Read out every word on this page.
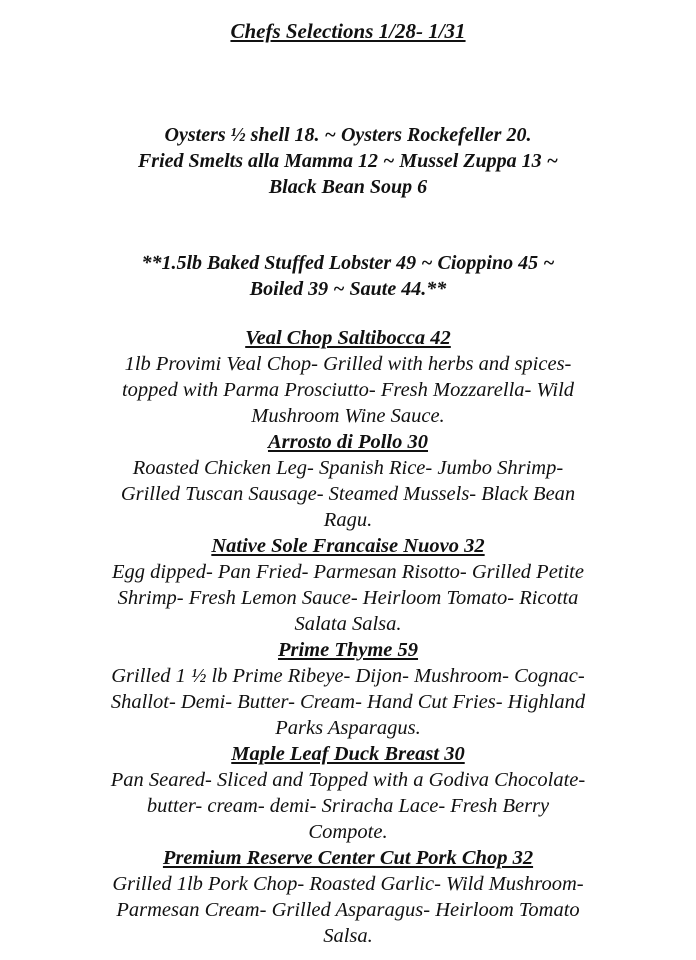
Chefs Selections 1/28- 1/31
Oysters ½ shell 18. ~ Oysters Rockefeller 20.
Fried Smelts alla Mamma 12 ~ Mussel Zuppa 13 ~
Black Bean Soup 6
**1.5lb Baked Stuffed Lobster 49 ~ Cioppino 45 ~
Boiled 39 ~ Saute 44.**
Veal Chop Saltibocca 42
1lb Provimi Veal Chop- Grilled with herbs and spices-
topped with Parma Prosciutto- Fresh Mozzarella- Wild
Mushroom Wine Sauce.
Arrosto di Pollo 30
Roasted Chicken Leg- Spanish Rice- Jumbo Shrimp-
Grilled Tuscan Sausage- Steamed Mussels- Black Bean
Ragu.
Native Sole Francaise Nuovo 32
Egg dipped- Pan Fried- Parmesan Risotto- Grilled Petite
Shrimp- Fresh Lemon Sauce- Heirloom Tomato- Ricotta
Salata Salsa.
Prime Thyme 59
Grilled 1 ½ lb Prime Ribeye- Dijon- Mushroom- Cognac-
Shallot- Demi- Butter- Cream- Hand Cut Fries- Highland
Parks Asparagus.
Maple Leaf Duck Breast 30
Pan Seared- Sliced and Topped with a Godiva Chocolate-
butter- cream- demi- Sriracha Lace- Fresh Berry
Compote.
Premium Reserve Center Cut Pork Chop 32
Grilled 1lb Pork Chop- Roasted Garlic- Wild Mushroom-
Parmesan Cream- Grilled Asparagus- Heirloom Tomato
Salsa.
